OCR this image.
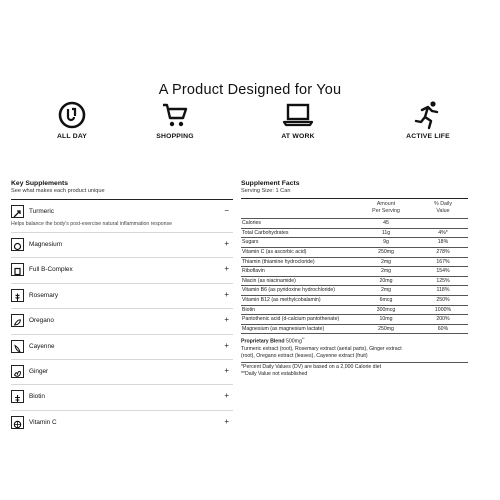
A Product Designed for You
ALL DAY	SHOPPING	AT WORK	ACTIVE LIFE
Key Supplements
See what makes each product unique
Turmeric	−
Helps balance the body's post-exercise natural inflammation response
Magnesium	+
Full B-Complex	+
Rosemary	+
Oregano	+
Cayenne	+
Ginger	+
Biotin	+
Vitamin C	+
Supplement Facts
Serving Size: 1 Can
Amount
Per Serving
% Daily
Value
Calories	45
Total Carbohydrates	11g	4%*
Sugars	9g	18%
Vitamin C (as ascorbic acid)	250mg	278%
Thiamin (thiamine hydrocloride)	2mg	167%
Riboflavin	2mg	154%
Niacin (as niacinamide)	20mg	125%
Vitamin B6 (as pyridoxine hydrochloride)	2mg	118%
Vitamin B12 (as methylcobalamin)	6mcg	250%
Biotin	300mcg	1000%
Pantothenic acid (d-calcium pantothenate)	10mg	200%
Magnesium (as magnesium lactate)	250mg	60%
Proprietary Blend 500mg**
Turmeric extract (root), Rosemary extract (aerial parts), Ginger extract
(root), Oregano extract (leaves), Cayenne extract (fruit)
*Percent Daily Values (DV) are based on a 2,000 Calorie diet
**Daily Value not established
